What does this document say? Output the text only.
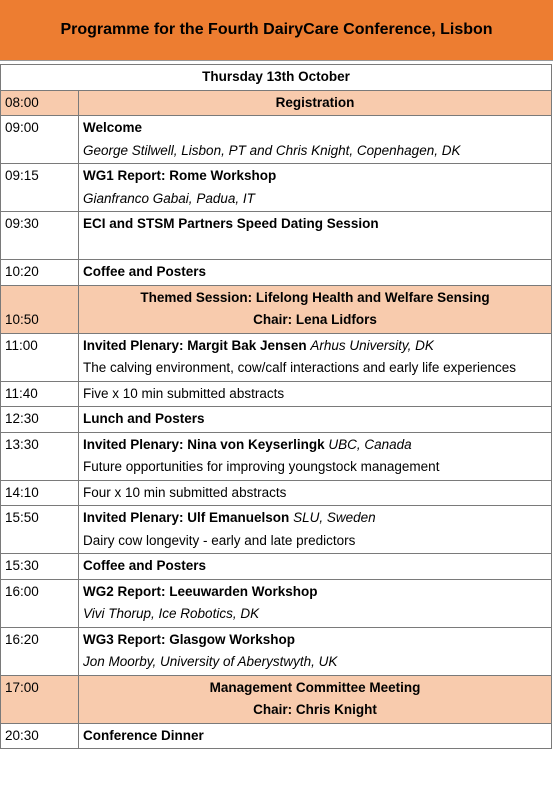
Programme for the Fourth DairyCare Conference, Lisbon
Thursday 13th October	
08:00	Registration
09:00	Welcome
George Stilwell, Lisbon, PT and Chris Knight, Copenhagen, DK

09:15	WG1 Report: Rome Workshop
Gianfranco Gabai, Padua, IT

09:30	ECI and STSM Partners Speed Dating Session
10:20	Coffee and Posters
10:50	Themed Session: Lifelong Health and Welfare Sensing
Chair: Lena Lidfors

11:00	Invited Plenary: Margit Bak Jensen Arhus University, DK
The calving environment, cow/calf interactions and early life experiences

11:40	Five x 10 min submitted abstracts
12:30	Lunch and Posters
13:30	Invited Plenary: Nina von Keyserlingk UBC, Canada
Future opportunities for improving youngstock management

14:10	Four x 10 min submitted abstracts
15:50	Invited Plenary: Ulf Emanuelson SLU, Sweden
Dairy cow longevity - early and late predictors

15:30	Coffee and Posters
16:00	WG2 Report: Leeuwarden Workshop
Vivi Thorup, Ice Robotics, DK

16:20	WG3 Report: Glasgow Workshop
Jon Moorby, University of Aberystwyth, UK

17:00	Management Committee Meeting
Chair: Chris Knight

20:30	Conference Dinner
